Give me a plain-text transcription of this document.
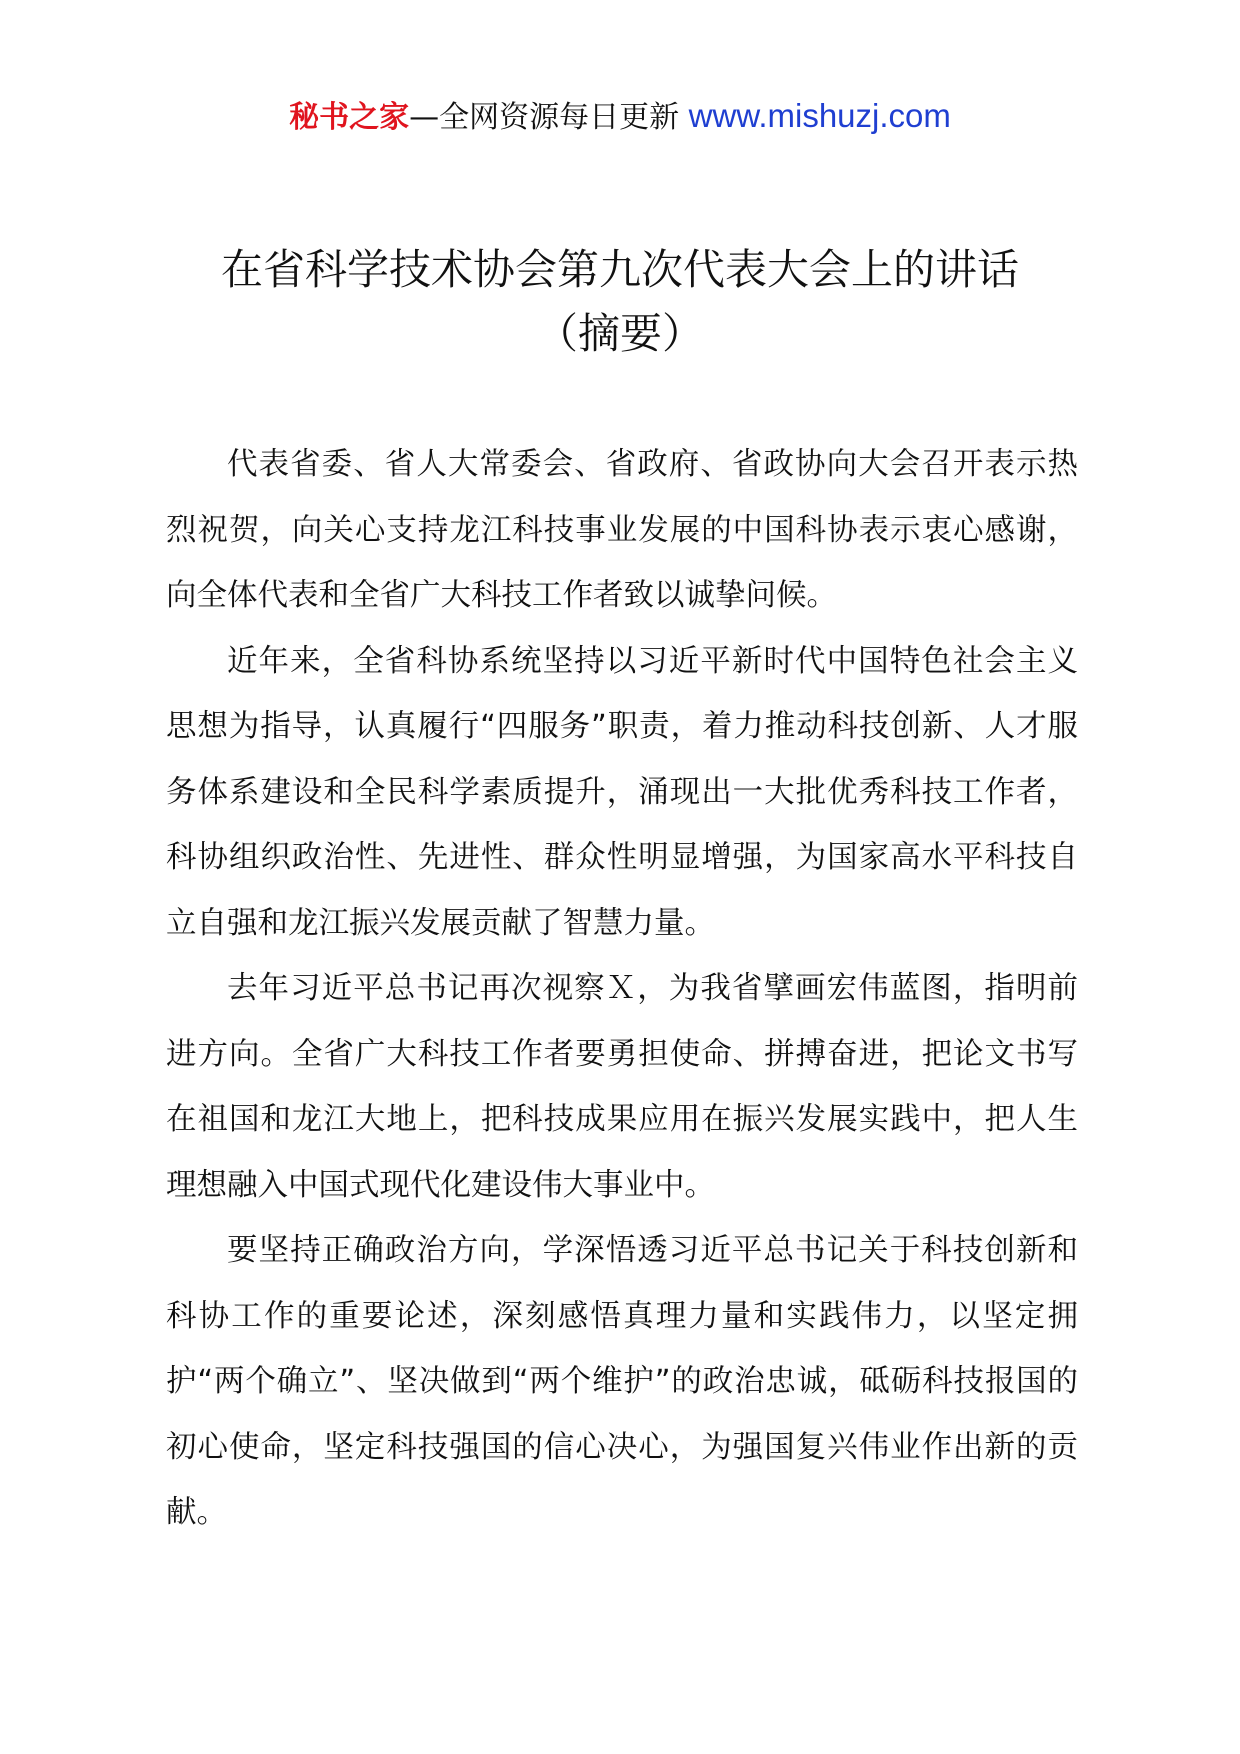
秘书之家—全网资源每日更新 www.mishuzj.com
在省科学技术协会第九次代表大会上的讲话
（摘要）

代表省委、省人大常委会、省政府、省政协向大会召开表示热烈祝贺，向关心支持龙江科技事业发展的中国科协表示衷心感谢，向全体代表和全省广大科技工作者致以诚挚问候。

近年来，全省科协系统坚持以习近平新时代中国特色社会主义思想为指导，认真履行“四服务”职责，着力推动科技创新、人才服务体系建设和全民科学素质提升，涌现出一大批优秀科技工作者，科协组织政治性、先进性、群众性明显增强，为国家高水平科技自立自强和龙江振兴发展贡献了智慧力量。

去年习近平总书记再次视察Ｘ，为我省擘画宏伟蓝图，指明前进方向。全省广大科技工作者要勇担使命、拼搏奋进，把论文书写在祖国和龙江大地上，把科技成果应用在振兴发展实践中，把人生理想融入中国式现代化建设伟大事业中。

要坚持正确政治方向，学深悟透习近平总书记关于科技创新和科协工作的重要论述，深刻感悟真理力量和实践伟力，以坚定拥护“两个确立”、坚决做到“两个维护”的政治忠诚，砥砺科技报国的初心使命，坚定科技强国的信心决心，为强国复兴伟业作出新的贡献。
